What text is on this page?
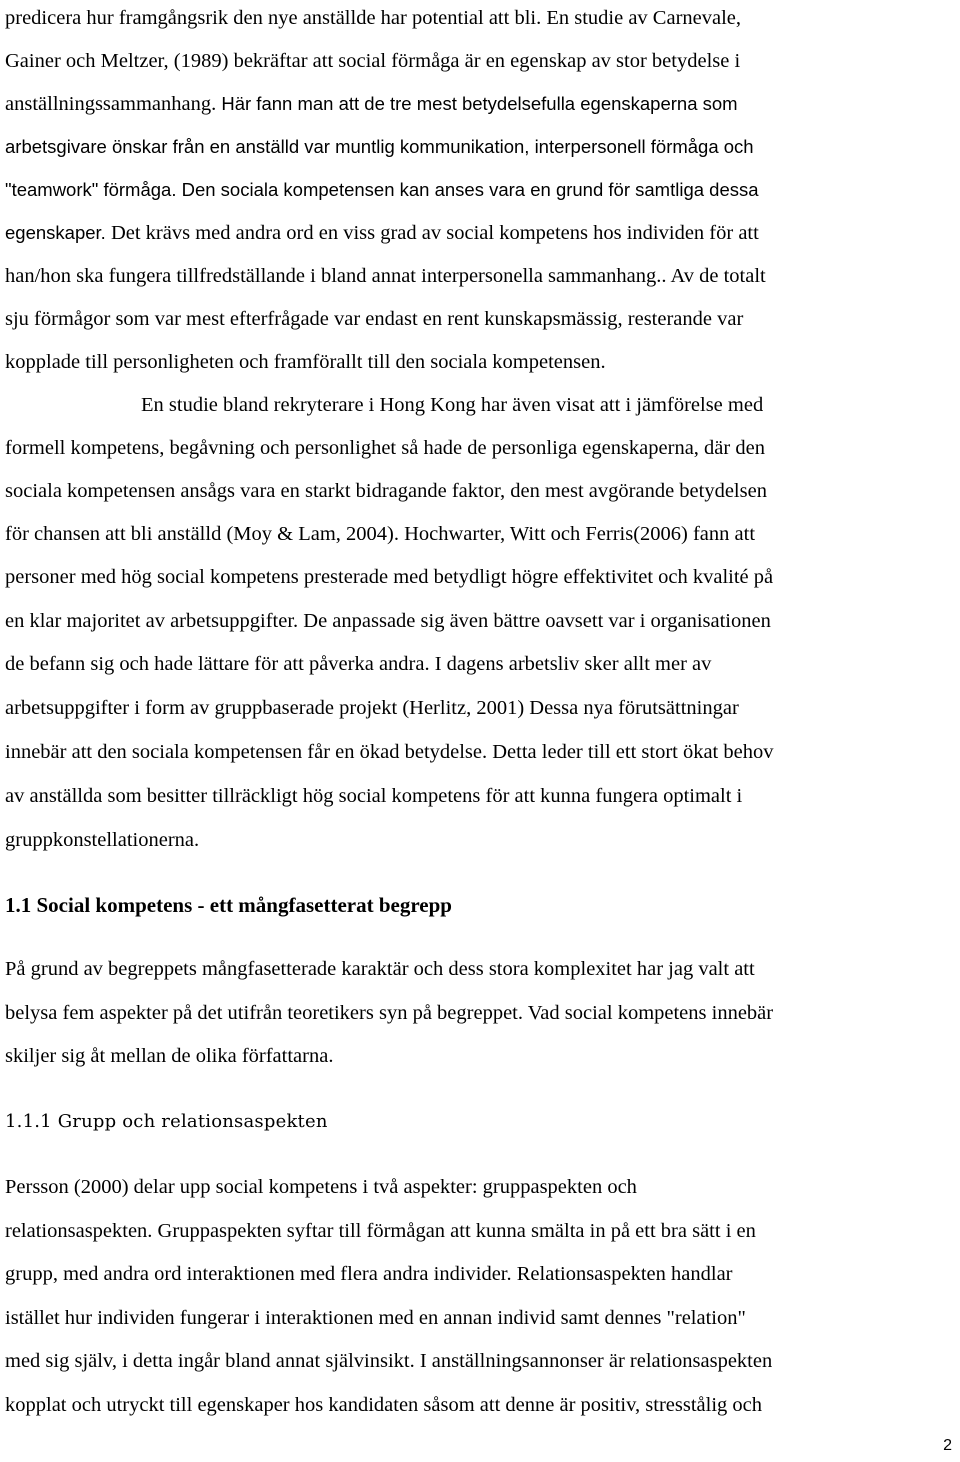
predicera hur framgångsrik den nye anställde har potential att bli. En studie av Carnevale,
Gainer och Meltzer, (1989) bekräftar att social förmåga är en egenskap av stor betydelse i
anställningssammanhang. Här fann man att de tre mest betydelsefulla egenskaperna som
arbetsgivare önskar från en anställd var muntlig kommunikation, interpersonell förmåga och
"teamwork" förmåga. Den sociala kompetensen kan anses vara en grund för samtliga dessa
egenskaper. Det krävs med andra ord en viss grad av social kompetens hos individen för att
han/hon ska fungera tillfredställande i bland annat interpersonella sammanhang.. Av de totalt
sju förmågor som var mest efterfrågade var endast en rent kunskapsmässig, resterande var
kopplade till personligheten och framförallt till den sociala kompetensen.
En studie bland rekryterare i Hong Kong har även visat att i jämförelse med
formell kompetens, begåvning och personlighet så hade de personliga egenskaperna, där den
sociala kompetensen ansågs vara en starkt bidragande faktor, den mest avgörande betydelsen
för chansen att bli anställd (Moy & Lam, 2004). Hochwarter, Witt och Ferris(2006) fann att
personer med hög social kompetens presterade med betydligt högre effektivitet och kvalité på
en klar majoritet av arbetsuppgifter. De anpassade sig även bättre oavsett var i organisationen
de befann sig och hade lättare för att påverka andra. I dagens arbetsliv sker allt mer av
arbetsuppgifter i form av gruppbaserade projekt (Herlitz, 2001) Dessa nya förutsättningar
innebär att den sociala kompetensen får en ökad betydelse. Detta leder till ett stort ökat behov
av anställda som besitter tillräckligt hög social kompetens för att kunna fungera optimalt i
gruppkonstellationerna.
1.1 Social kompetens - ett mångfasetterat begrepp
På grund av begreppets mångfasetterade karaktär och dess stora komplexitet har jag valt att
belysa fem aspekter på det utifrån teoretikers syn på begreppet. Vad social kompetens innebär
skiljer sig åt mellan de olika författarna.
1.1.1 Grupp och relationsaspekten
Persson (2000) delar upp social kompetens i två aspekter: gruppaspekten och
relationsaspekten. Gruppaspekten syftar till förmågan att kunna smälta in på ett bra sätt i en
grupp, med andra ord interaktionen med flera andra individer. Relationsaspekten handlar
istället hur individen fungerar i interaktionen med en annan individ samt dennes "relation"
med sig själv, i detta ingår bland annat självinsikt. I anställningsannonser är relationsaspekten
kopplat och utryckt till egenskaper hos kandidaten såsom att denne är positiv, stresstålig och
2
